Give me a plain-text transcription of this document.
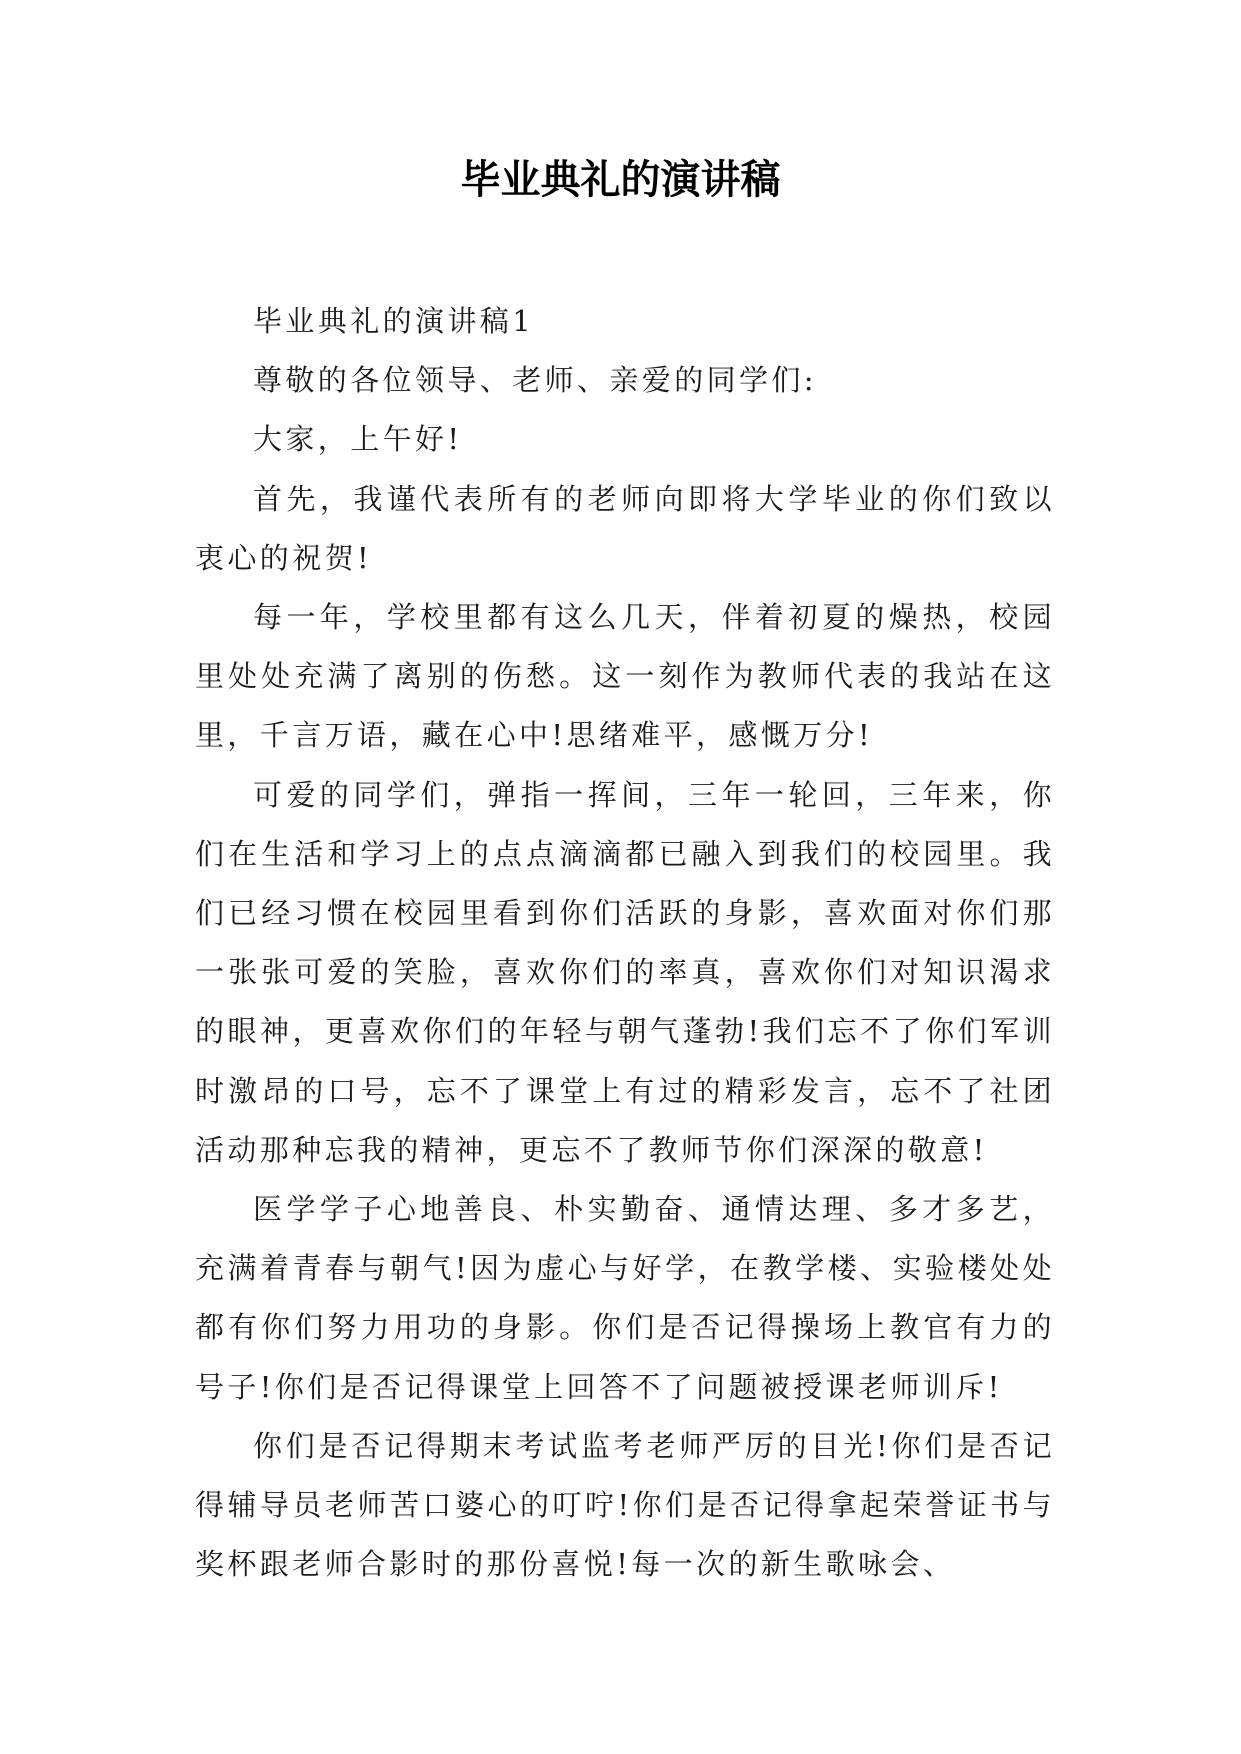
毕业典礼的演讲稿

毕业典礼的演讲稿1

尊敬的各位领导、老师、亲爱的同学们:

大家，上午好!

首先，我谨代表所有的老师向即将大学毕业的你们致以衷心的祝贺!

每一年，学校里都有这么几天，伴着初夏的燥热，校园里处处充满了离别的伤愁。这一刻作为教师代表的我站在这里，千言万语，藏在心中!思绪难平，感慨万分!

可爱的同学们，弹指一挥间，三年一轮回，三年来，你们在生活和学习上的点点滴滴都已融入到我们的校园里。我们已经习惯在校园里看到你们活跃的身影，喜欢面对你们那一张张可爱的笑脸，喜欢你们的率真，喜欢你们对知识渴求的眼神，更喜欢你们的年轻与朝气蓬勃!我们忘不了你们军训时激昂的口号，忘不了课堂上有过的精彩发言，忘不了社团活动那种忘我的精神，更忘不了教师节你们深深的敬意!

医学学子心地善良、朴实勤奋、通情达理、多才多艺，充满着青春与朝气!因为虚心与好学，在教学楼、实验楼处处都有你们努力用功的身影。你们是否记得操场上教官有力的号子!你们是否记得课堂上回答不了问题被授课老师训斥!

你们是否记得期末考试监考老师严厉的目光!你们是否记得辅导员老师苦口婆心的叮咛!你们是否记得拿起荣誉证书与奖杯跟老师合影时的那份喜悦!每一次的新生歌咏会、
